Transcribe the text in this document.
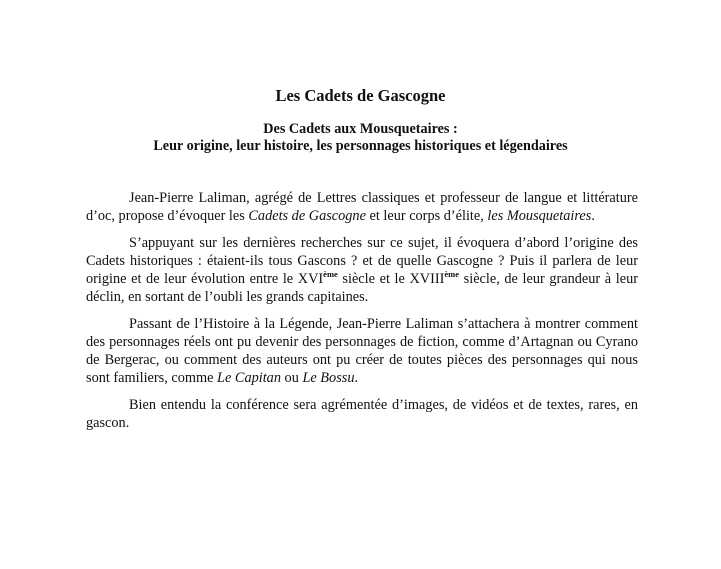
Les Cadets de Gascogne
Des Cadets aux Mousquetaires :
Leur origine, leur histoire, les personnages historiques et légendaires

Jean-Pierre Laliman, agrégé de Lettres classiques et professeur de langue et littérature d’oc, propose d’évoquer les Cadets de Gascogne et leur corps d’élite, les Mousquetaires.

S’appuyant sur les dernières recherches sur ce sujet, il évoquera d’abord l’origine des Cadets historiques : étaient-ils tous Gascons ? et de quelle Gascogne ? Puis il parlera de leur origine et de leur évolution entre le XVIème siècle et le XVIIIème siècle, de leur grandeur à leur déclin, en sortant de l’oubli les grands capitaines.

Passant de l’Histoire à la Légende, Jean-Pierre Laliman s’attachera à montrer comment des personnages réels ont pu devenir des personnages de fiction, comme d’Artagnan ou Cyrano de Bergerac, ou comment des auteurs ont pu créer de toutes pièces des personnages qui nous sont familiers, comme Le Capitan ou Le Bossu.

Bien entendu la conférence sera agrémentée d’images, de vidéos et de textes, rares, en gascon.
